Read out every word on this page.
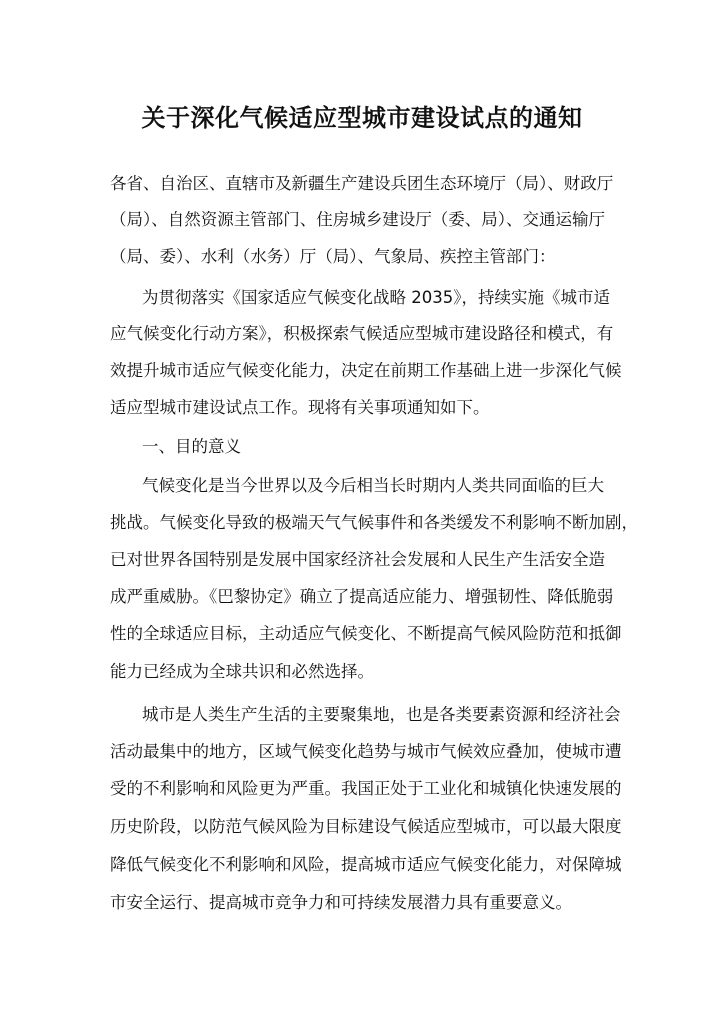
关于深化气候适应型城市建设试点的通知

各省、自治区、直辖市及新疆生产建设兵团生态环境厅（局）、财政厅

（局）、自然资源主管部门、住房城乡建设厅（委、局）、交通运输厅

（局、委）、水利（水务）厅（局）、气象局、疾控主管部门：

为贯彻落实《国家适应气候变化战略 2035》，持续实施《城市适

应气候变化行动方案》，积极探索气候适应型城市建设路径和模式，有

效提升城市适应气候变化能力，决定在前期工作基础上进一步深化气候

适应型城市建设试点工作。现将有关事项通知如下。

一、目的意义

气候变化是当今世界以及今后相当长时期内人类共同面临的巨大

挑战。气候变化导致的极端天气气候事件和各类缓发不利影响不断加剧，

已对世界各国特别是发展中国家经济社会发展和人民生产生活安全造

成严重威胁。《巴黎协定》确立了提高适应能力、增强韧性、降低脆弱

性的全球适应目标，主动适应气候变化、不断提高气候风险防范和抵御

能力已经成为全球共识和必然选择。

城市是人类生产生活的主要聚集地，也是各类要素资源和经济社会

活动最集中的地方，区域气候变化趋势与城市气候效应叠加，使城市遭

受的不利影响和风险更为严重。我国正处于工业化和城镇化快速发展的

历史阶段，以防范气候风险为目标建设气候适应型城市，可以最大限度

降低气候变化不利影响和风险，提高城市适应气候变化能力，对保障城

市安全运行、提高城市竞争力和可持续发展潜力具有重要意义。
